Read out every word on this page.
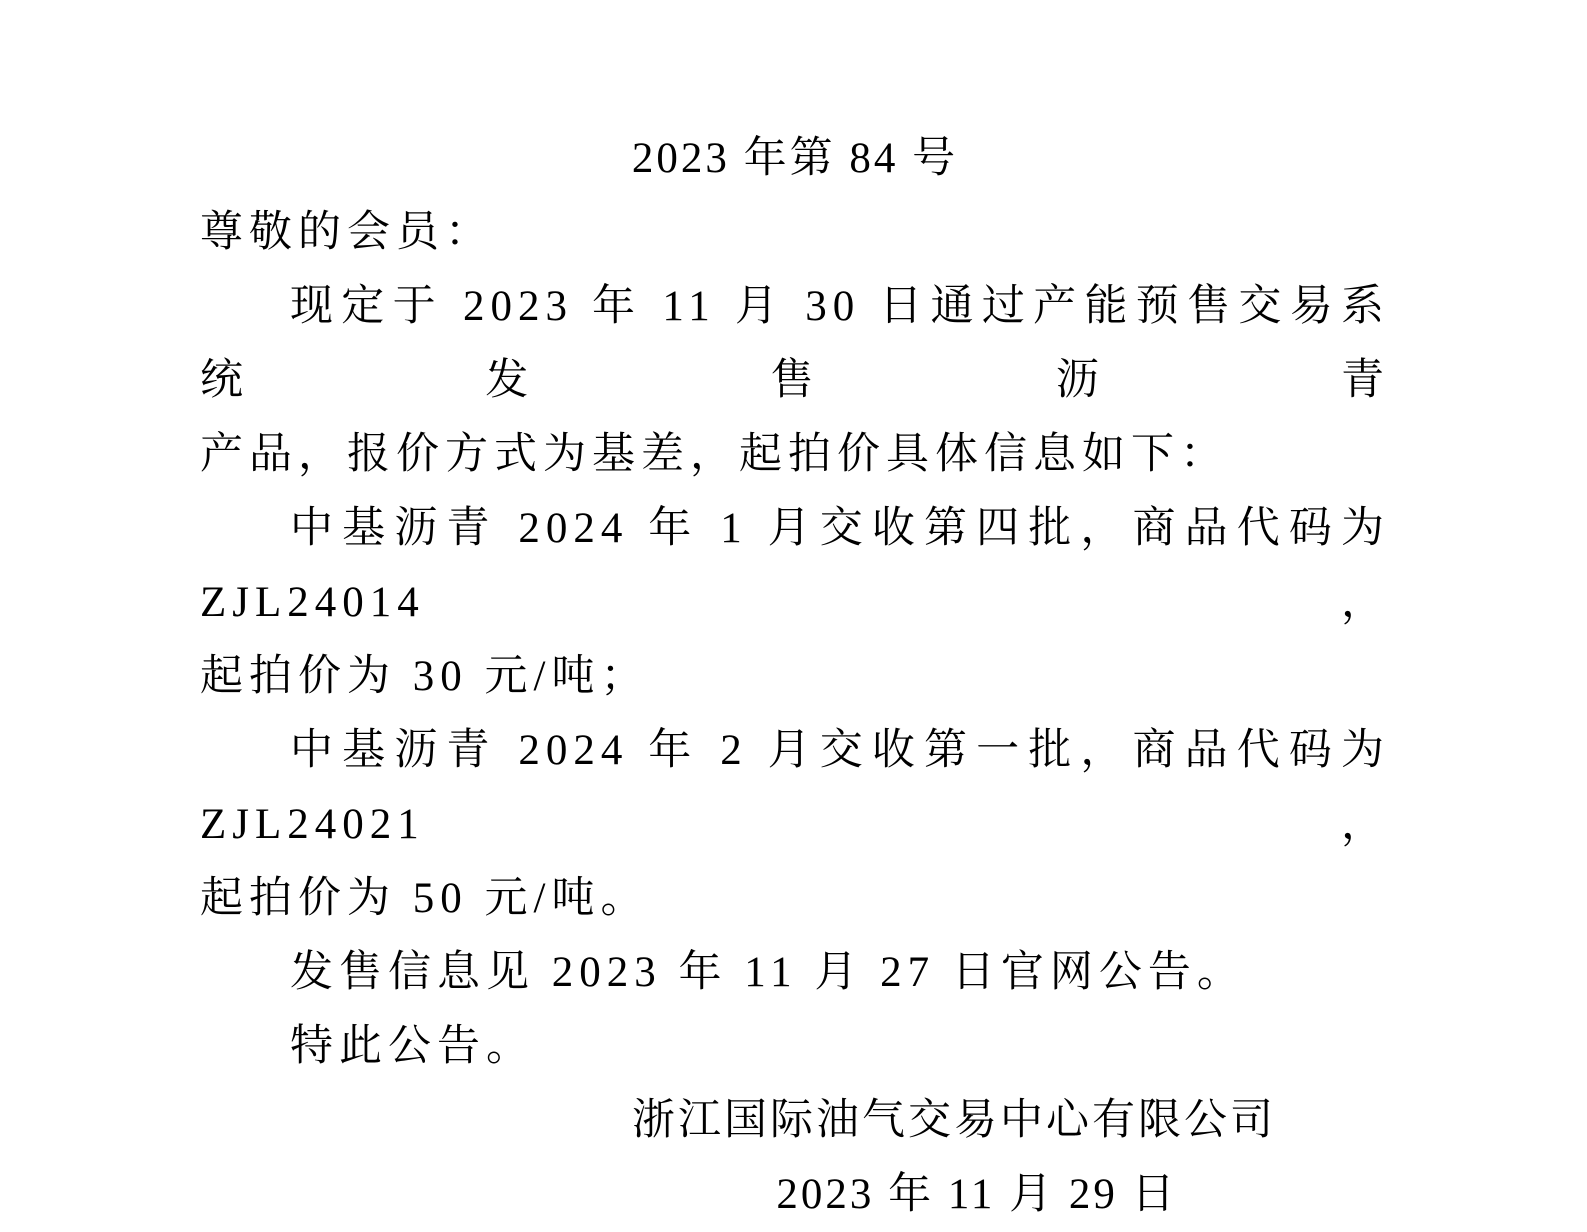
2023 年第 84 号
尊敬的会员：
现定于 2023 年 11 月 30 日通过产能预售交易系统发售沥青
产品，报价方式为基差，起拍价具体信息如下：
中基沥青 2024 年 1 月交收第四批，商品代码为 ZJL24014，
起拍价为 30 元/吨；
中基沥青 2024 年 2 月交收第一批，商品代码为 ZJL24021，
起拍价为 50 元/吨。
发售信息见 2023 年 11 月 27 日官网公告。
特此公告。
浙江国际油气交易中心有限公司
2023 年 11 月 29 日
